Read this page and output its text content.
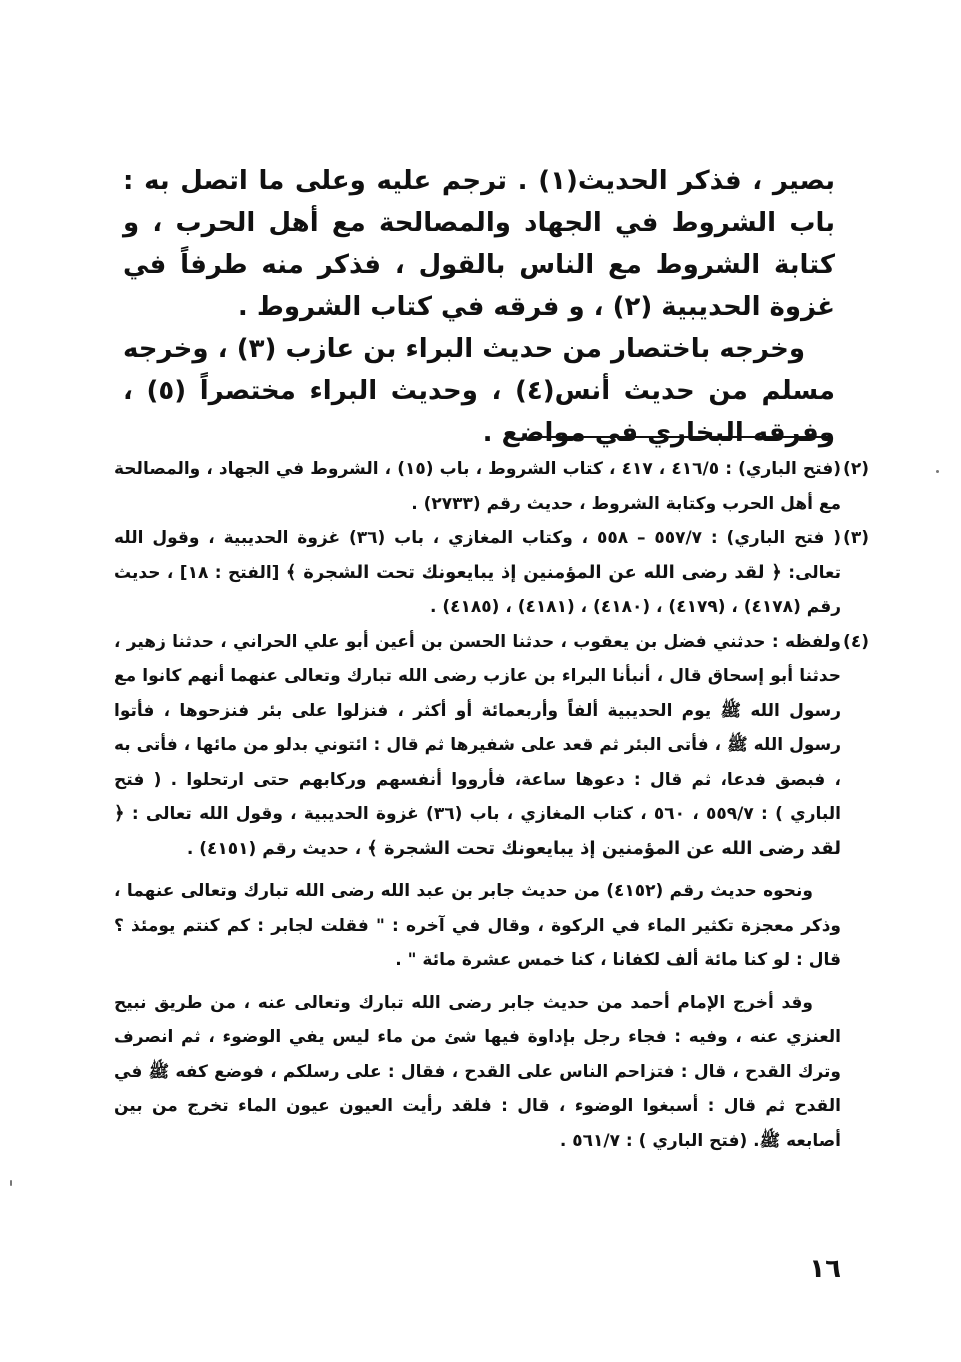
بصير ، فذكر الحديث(١) . ترجم عليه وعلى ما اتصل به : باب الشروط في الجهاد والمصالحة مع أهل الحرب ، و كتابة الشروط مع الناس بالقول ، فذكر منه طرفاً في غزوة الحديبية (٢) ، و فرقه في كتاب الشروط .

وخرجه باختصار من حديث البراء بن عازب (٣) ، وخرجه مسلم من حديث أنس(٤) ، وحديث البراء مختصراً (٥) ، وفرقه البخاري في مواضع .

(٢)
(فتح الباري) : ٤١٦/٥ ، ٤١٧ ، كتاب الشروط ، باب (١٥) ، الشروط في الجهاد ، والمصالحة مع أهل الحرب وكتابة الشروط ، حديث رقم (٢٧٣٣) .
(٣)
( فتح الباري) : ٥٥٧/٧ – ٥٥٨ ، وكتاب المغازي ، باب (٣٦) غزوة الحديبية ، وقول الله تعالى: ﴿ لقد رضى الله عن المؤمنين إذ يبايعونك تحت الشجرة ﴾ [الفتح : ١٨] ، حديث رقم (٤١٧٨) ، (٤١٧٩) ، (٤١٨٠) ، (٤١٨١) ، (٤١٨٥) .
(٤)
ولفظه : حدثني فضل بن يعقوب ، حدثنا الحسن بن أعين أبو علي الحراني ، حدثنا زهير ، حدثنا أبو إسحاق قال ، أنبأنا البراء بن عازب رضى الله تبارك وتعالى عنهما أنهم كانوا مع رسول الله ﷺ يوم الحديبية ألفاً وأربعمائة أو أكثر ، فنزلوا على بئر فنزحوها ، فأتوا رسول الله ﷺ ، فأتى البئر ثم قعد على شفيرها ثم قال : ائتوني بدلو من مائها ، فأتى به ، فبصق فدعا، ثم قال : دعوها ساعة، فأرووا أنفسهم وركابهم حتى ارتحلوا . ( فتح الباري ) : ٥٥٩/٧ ، ٥٦٠ ، كتاب المغازي ، باب (٣٦) غزوة الحديبية ، وقول الله تعالى : ﴿ لقد رضى الله عن المؤمنين إذ يبايعونك تحت الشجرة ﴾ ، حديث رقم (٤١٥١) .

ونحوه حديث رقم (٤١٥٢) من حديث جابر بن عبد الله رضى الله تبارك وتعالى عنهما ، وذكر معجزة تكثير الماء في الركوة ، وقال في آخره : " فقلت لجابر : كم كنتم يومئذ ؟ قال : لو كنا مائة ألف لكفانا ، كنا خمس عشرة مائة " .

وقد أخرج الإمام أحمد من حديث جابر رضى الله تبارك وتعالى عنه ، من طريق نبيح العنزي عنه ، وفيه : فجاء رجل بإداوة فيها شئ من ماء ليس يفي الوضوء ، ثم انصرف وترك القدح ، قال : فتزاحم الناس على القدح ، فقال : على رسلكم ، فوضع كفه ﷺ في القدح ثم قال : أسبغوا الوضوء ، قال : فلقد رأيت العيون عيون الماء تخرج من بين أصابعه ﷺ. (فتح الباري ) : ٥٦١/٧ .

١٦
